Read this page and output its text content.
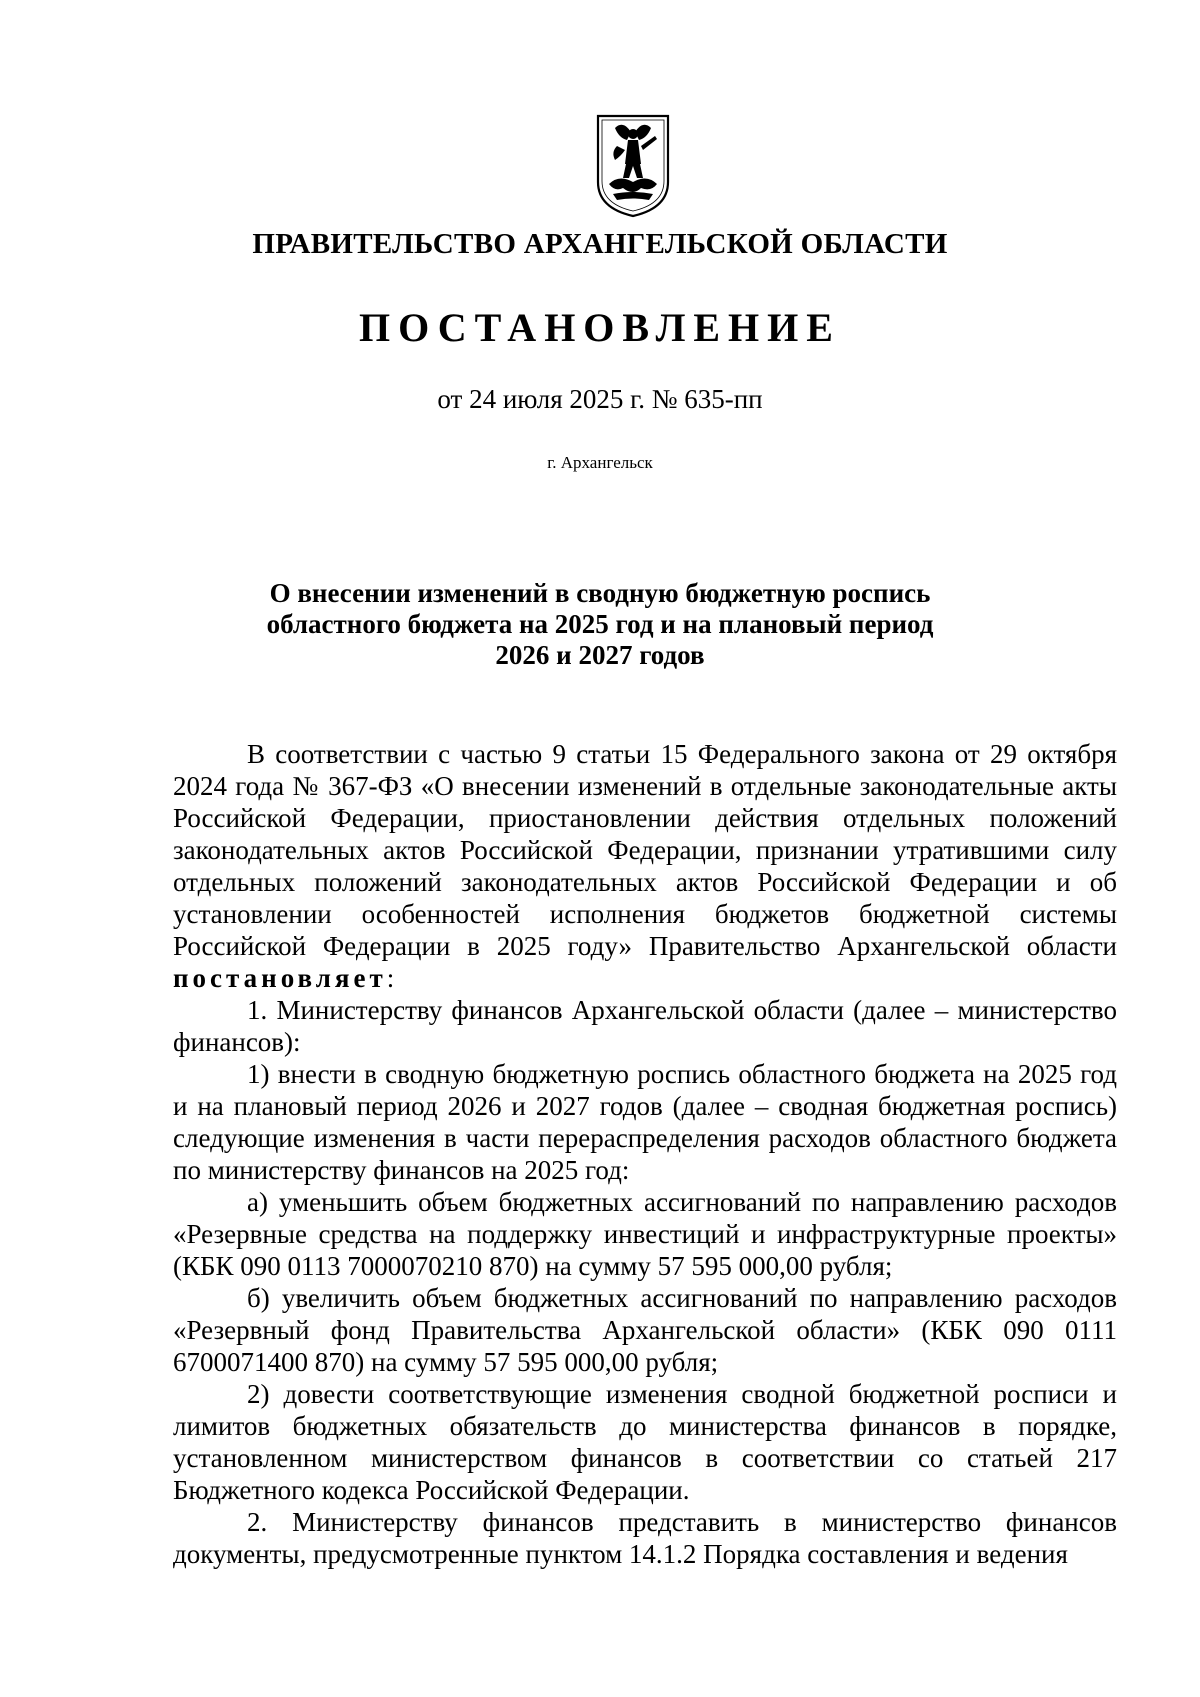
ПРАВИТЕЛЬСТВО АРХАНГЕЛЬСКОЙ ОБЛАСТИ
ПОСТАНОВЛЕНИЕ
от 24 июля 2025 г. № 635-пп
г. Архангельск
О внесении изменений в сводную бюджетную роспись
областного бюджета на 2025 год и на плановый период
2026 и 2027 годов

В соответствии с частью 9 статьи 15 Федерального закона от 29 октября 2024 года № 367-ФЗ «О внесении изменений в отдельные законодательные акты Российской Федерации, приостановлении действия отдельных положений законодательных актов Российской Федерации, признании утратившими силу отдельных положений законодательных актов Российской Федерации и об установлении особенностей исполнения бюджетов бюджетной системы Российской Федерации в 2025 году» Правительство Архангельской области постановляет:

1. Министерству финансов Архангельской области (далее – министерство финансов):

1) внести в сводную бюджетную роспись областного бюджета на 2025 год и на плановый период 2026 и 2027 годов (далее – сводная бюджетная роспись) следующие изменения в части перераспределения расходов областного бюджета по министерству финансов на 2025 год:

а) уменьшить объем бюджетных ассигнований по направлению расходов «Резервные средства на поддержку инвестиций и инфраструктурные проекты» (КБК 090 0113 7000070210 870) на сумму 57 595 000,00 рубля;

б) увеличить объем бюджетных ассигнований по направлению расходов «Резервный фонд Правительства Архангельской области» (КБК 090 0111 6700071400 870) на сумму 57 595 000,00 рубля;

2) довести соответствующие изменения сводной бюджетной росписи и лимитов бюджетных обязательств до министерства финансов в порядке, установленном министерством финансов в соответствии со статьей 217 Бюджетного кодекса Российской Федерации.

2. Министерству финансов представить в министерство финансов документы, предусмотренные пунктом 14.1.2 Порядка составления и ведения
